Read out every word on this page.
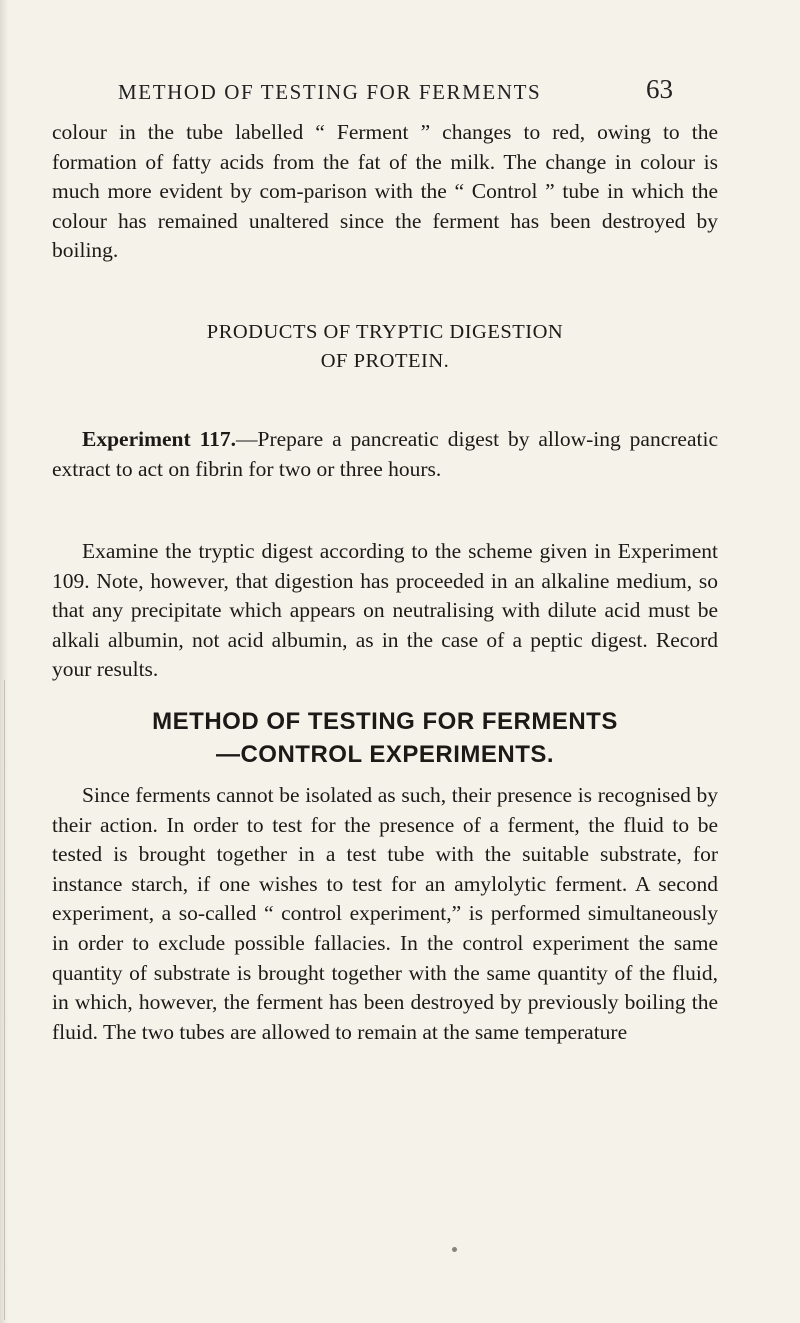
METHOD OF TESTING FOR FERMENTS	63

colour in the tube labelled “ Ferment ” changes to red, owing to the formation of fatty acids from the fat of the milk. The change in colour is much more evident by com-parison with the “ Control ” tube in which the colour has remained unaltered since the ferment has been destroyed by boiling.

PRODUCTS OF TRYPTIC DIGESTION
OF PROTEIN.

Experiment 117.—Prepare a pancreatic digest by allow-ing pancreatic extract to act on fibrin for two or three hours.

Examine the tryptic digest according to the scheme given in Experiment 109. Note, however, that digestion has proceeded in an alkaline medium, so that any precipitate which appears on neutralising with dilute acid must be alkali albumin, not acid albumin, as in the case of a peptic digest. Record your results.

METHOD OF TESTING FOR FERMENTS
—CONTROL EXPERIMENTS.

Since ferments cannot be isolated as such, their presence is recognised by their action. In order to test for the presence of a ferment, the fluid to be tested is brought together in a test tube with the suitable substrate, for instance starch, if one wishes to test for an amylolytic ferment. A second experiment, a so-called “ control experiment,” is performed simultaneously in order to exclude possible fallacies. In the control experiment the same quantity of substrate is brought together with the same quantity of the fluid, in which, however, the ferment has been destroyed by previously boiling the fluid. The two tubes are allowed to remain at the same temperature
